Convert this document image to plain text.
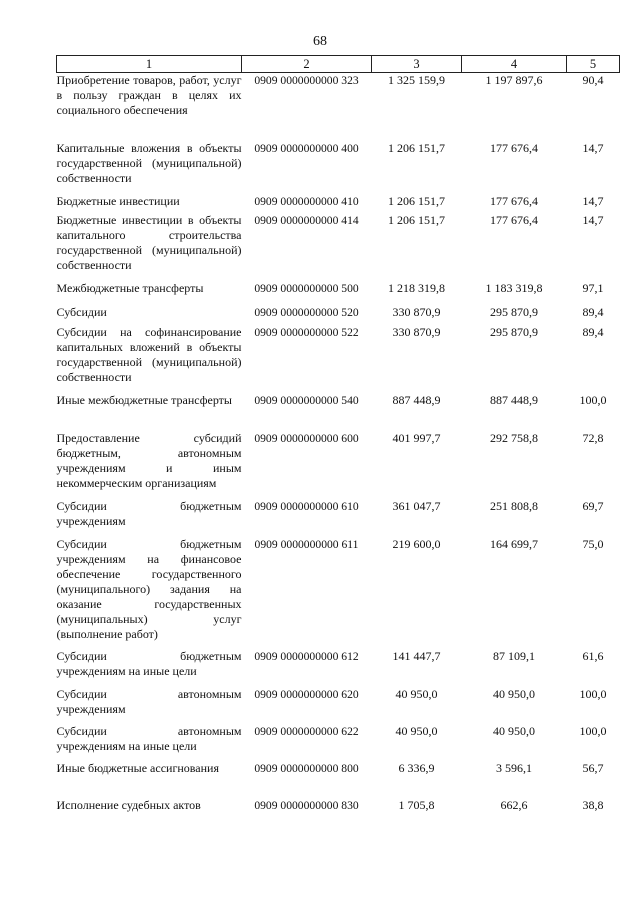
68
1	2	3	4	5
Приобретение товаров, работ, услуг в пользу граждан в целях их социального обеспечения	0909 0000000000 323	1 325 159,9	1 197 897,6	90,4
Капитальные вложения в объекты государственной (муниципальной) собственности	0909 0000000000 400	1 206 151,7	177 676,4	14,7
Бюджетные инвестиции	0909 0000000000 410	1 206 151,7	177 676,4	14,7
Бюджетные инвестиции в объекты капитального строительства государственной (муниципальной) собственности	0909 0000000000 414	1 206 151,7	177 676,4	14,7
Межбюджетные трансферты	0909 0000000000 500	1 218 319,8	1 183 319,8	97,1
Субсидии	0909 0000000000 520	330 870,9	295 870,9	89,4
Субсидии на софинансирование капитальных вложений в объекты государственной (муниципальной) собственности	0909 0000000000 522	330 870,9	295 870,9	89,4
Иные межбюджетные трансферты	0909 0000000000 540	887 448,9	887 448,9	100,0
Предоставление субсидий бюджетным, автономным учреждениям и иным некоммерческим организациям	0909 0000000000 600	401 997,7	292 758,8	72,8
Субсидии бюджетным учреждениям	0909 0000000000 610	361 047,7	251 808,8	69,7
Субсидии бюджетным учреждениям на финансовое обеспечение государственного (муниципального) задания на оказание государственных (муниципальных) услуг (выполнение работ)	0909 0000000000 611	219 600,0	164 699,7	75,0
Субсидии бюджетным учреждениям на иные цели	0909 0000000000 612	141 447,7	87 109,1	61,6
Субсидии автономным учреждениям	0909 0000000000 620	40 950,0	40 950,0	100,0
Субсидии автономным учреждениям на иные цели	0909 0000000000 622	40 950,0	40 950,0	100,0
Иные бюджетные ассигнования	0909 0000000000 800	6 336,9	3 596,1	56,7
Исполнение судебных актов	0909 0000000000 830	1 705,8	662,6	38,8
